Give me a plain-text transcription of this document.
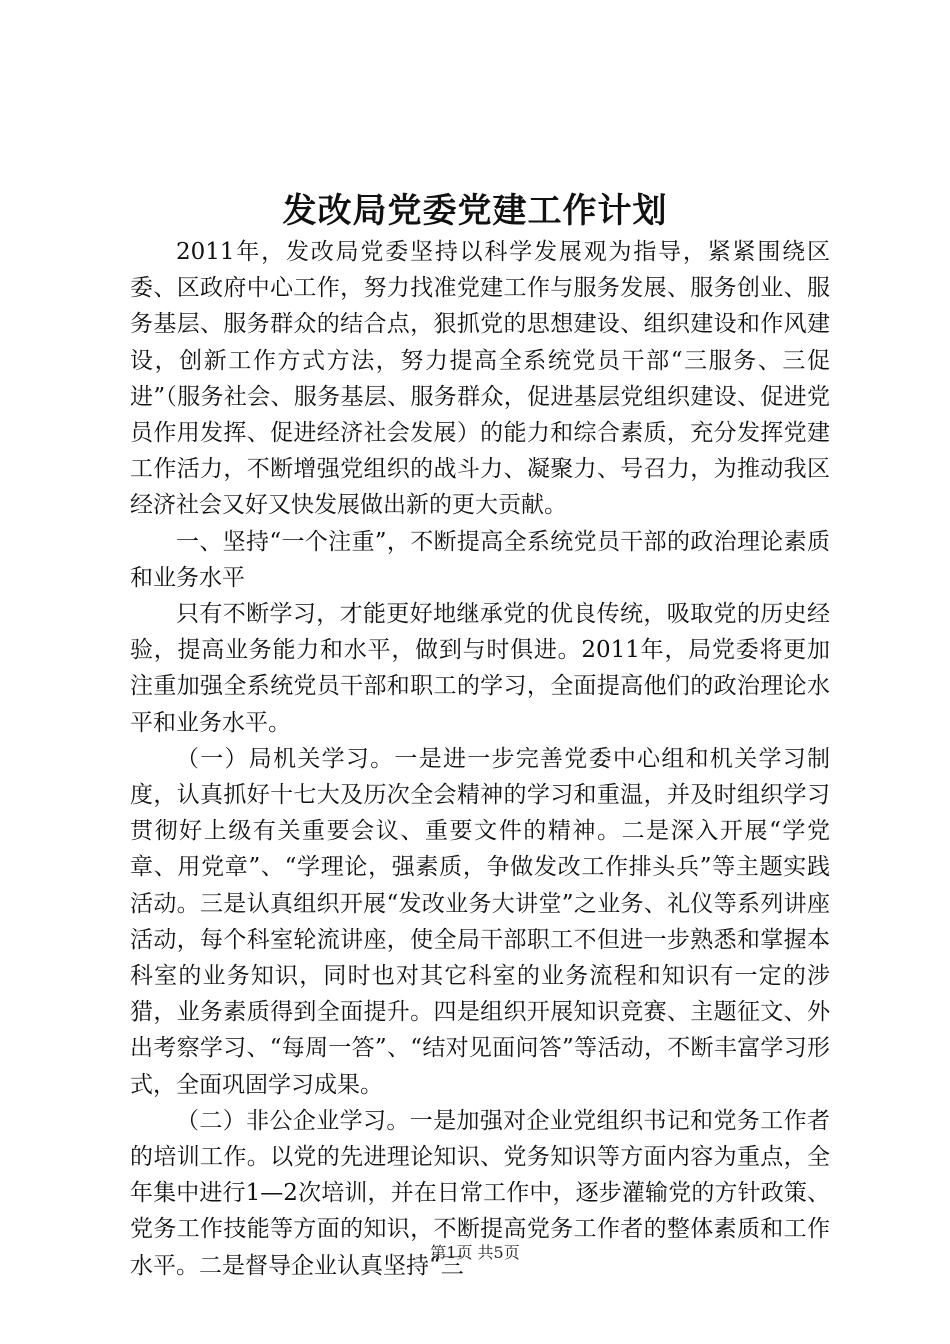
发改局党委党建工作计划

2011年，发改局党委坚持以科学发展观为指导，紧紧围绕区委、区政府中心工作，努力找准党建工作与服务发展、服务创业、服务基层、服务群众的结合点，狠抓党的思想建设、组织建设和作风建设，创新工作方式方法，努力提高全系统党员干部“三服务、三促进”（服务社会、服务基层、服务群众，促进基层党组织建设、促进党员作用发挥、促进经济社会发展）的能力和综合素质，充分发挥党建工作活力，不断增强党组织的战斗力、凝聚力、号召力，为推动我区经济社会又好又快发展做出新的更大贡献。

一、坚持“一个注重”，不断提高全系统党员干部的政治理论素质和业务水平

只有不断学习，才能更好地继承党的优良传统，吸取党的历史经验，提高业务能力和水平，做到与时俱进。2011年，局党委将更加注重加强全系统党员干部和职工的学习，全面提高他们的政治理论水平和业务水平。

（一）局机关学习。一是进一步完善党委中心组和机关学习制度，认真抓好十七大及历次全会精神的学习和重温，并及时组织学习贯彻好上级有关重要会议、重要文件的精神。二是深入开展“学党章、用党章”、“学理论，强素质，争做发改工作排头兵”等主题实践活动。三是认真组织开展“发改业务大讲堂”之业务、礼仪等系列讲座活动，每个科室轮流讲座，使全局干部职工不但进一步熟悉和掌握本科室的业务知识，同时也对其它科室的业务流程和知识有一定的涉猎，业务素质得到全面提升。四是组织开展知识竞赛、主题征文、外出考察学习、“每周一答”、“结对见面问答”等活动，不断丰富学习形式，全面巩固学习成果。

（二）非公企业学习。一是加强对企业党组织书记和党务工作者的培训工作。以党的先进理论知识、党务知识等方面内容为重点，全年集中进行1—2次培训，并在日常工作中，逐步灌输党的方针政策、党务工作技能等方面的知识，不断提高党务工作者的整体素质和工作水平。二是督导企业认真坚持“三

第1页 共5页
